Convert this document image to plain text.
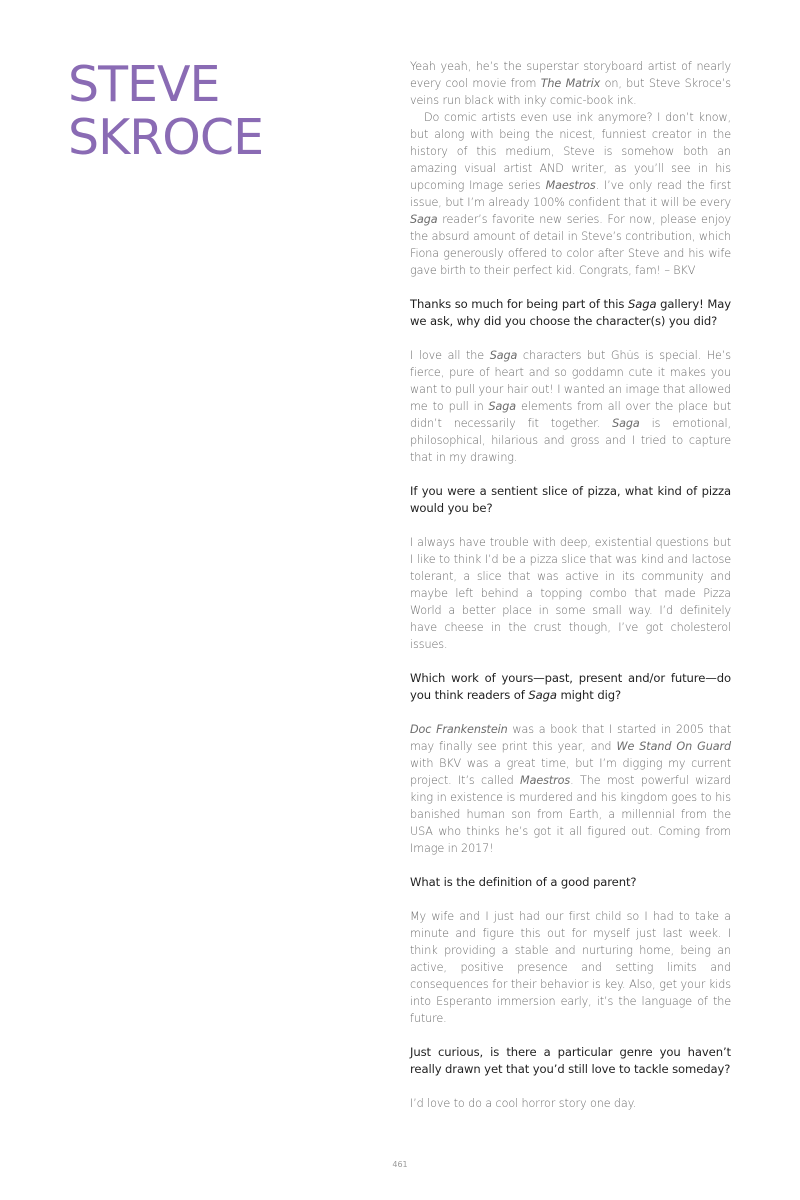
STEVE
SKROCE

Yeah yeah, he’s the superstar storyboard artist of nearly every cool movie from The Matrix on, but Steve Skroce’s veins run black with inky comic-book ink.

Do comic artists even use ink anymore? I don’t know, but along with being the nicest, funniest creator in the history of this medium, Steve is somehow both an amazing visual artist AND writer, as you’ll see in his upcoming Image series Maestros. I’ve only read the first issue, but I’m already 100% confident that it will be every Saga reader’s favorite new series. For now, please enjoy the absurd amount of detail in Steve’s contribution, which Fiona generously offered to color after Steve and his wife gave birth to their perfect kid. Congrats, fam! – BKV

Thanks so much for being part of this Saga gallery! May we ask, why did you choose the character(s) you did?

I love all the Saga characters but Ghüs is special. He’s fierce, pure of heart and so goddamn cute it makes you want to pull your hair out! I wanted an image that allowed me to pull in Saga elements from all over the place but didn’t necessarily fit together. Saga is emotional, philosophical, hilarious and gross and I tried to capture that in my drawing.

If you were a sentient slice of pizza, what kind of pizza would you be?

I always have trouble with deep, existential questions but I like to think I’d be a pizza slice that was kind and lactose tolerant, a slice that was active in its community and maybe left behind a topping combo that made Pizza World a better place in some small way. I’d definitely have cheese in the crust though, I’ve got cholesterol issues.

Which work of yours—past, present and/or future—do you think readers of Saga might dig?

Doc Frankenstein was a book that I started in 2005 that may finally see print this year, and We Stand On Guard with BKV was a great time, but I’m digging my current project. It’s called Maestros. The most powerful wizard king in existence is murdered and his kingdom goes to his banished human son from Earth, a millennial from the USA who thinks he’s got it all figured out. Coming from Image in 2017!

What is the definition of a good parent?

My wife and I just had our first child so I had to take a minute and figure this out for myself just last week. I think providing a stable and nurturing home, being an active, positive presence and setting limits and consequences for their behavior is key. Also, get your kids into Esperanto immersion early, it’s the language of the future.

Just curious, is there a particular genre you haven’t really drawn yet that you’d still love to tackle someday?

I’d love to do a cool horror story one day.

461
